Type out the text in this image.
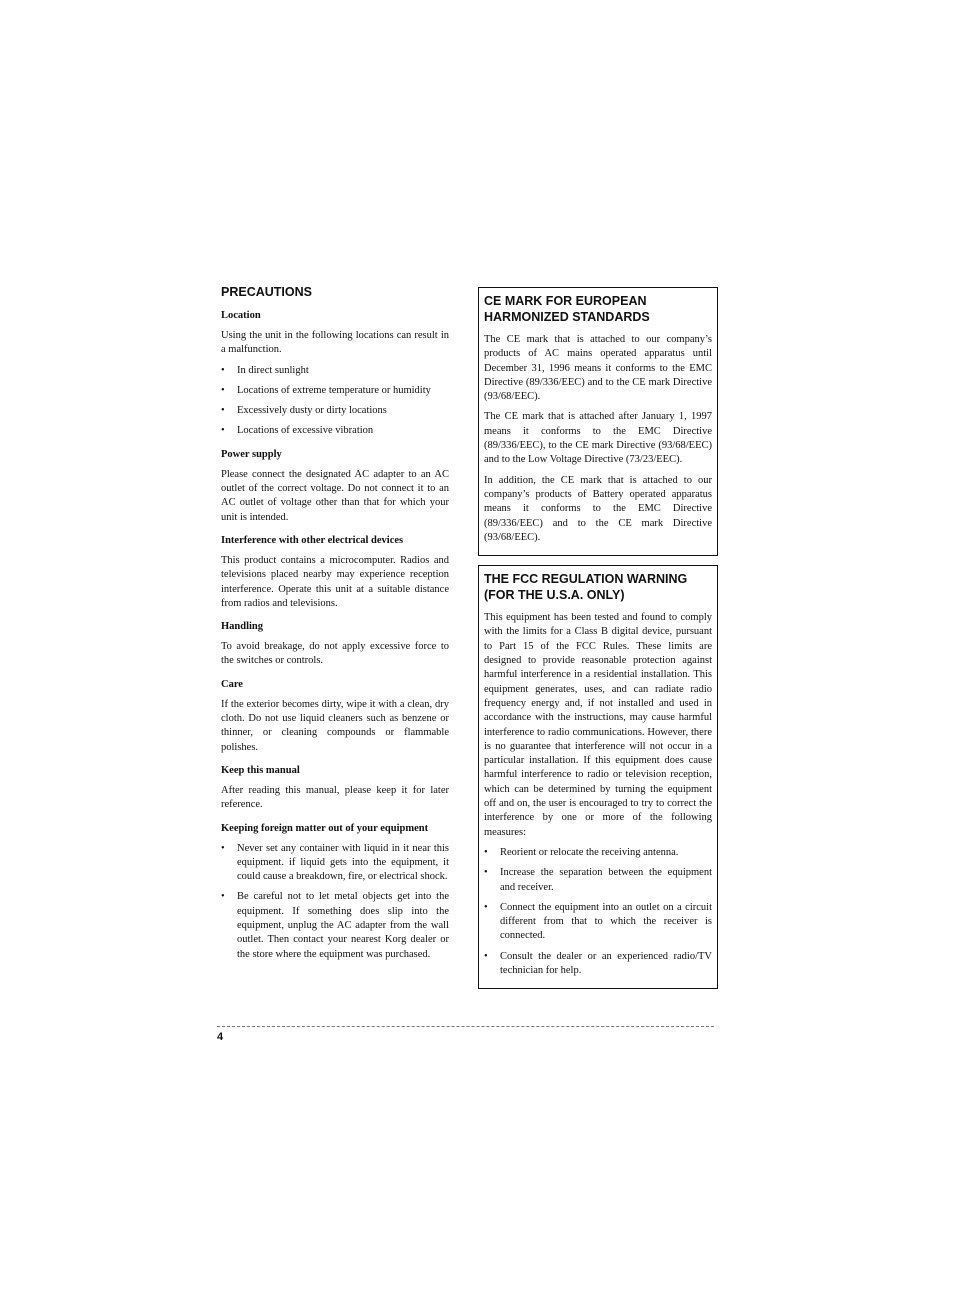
PRECAUTIONS
Location

Using the unit in the following locations can result in a malfunction.

• In direct sunlight
• Locations of extreme temperature or humidity
• Excessively dusty or dirty locations
• Locations of excessive vibration
Power supply

Please connect the designated AC adapter to an AC outlet of the correct voltage. Do not connect it to an AC outlet of voltage other than that for which your unit is intended.

Interference with other electrical devices

This product contains a microcomputer. Radios and televisions placed nearby may experience reception interference. Operate this unit at a suitable distance from radios and televisions.

Handling

To avoid breakage, do not apply excessive force to the switches or controls.

Care

If the exterior becomes dirty, wipe it with a clean, dry cloth. Do not use liquid cleaners such as benzene or thinner, or cleaning compounds or flammable polishes.

Keep this manual

After reading this manual, please keep it for later reference.

Keeping foreign matter out of your equipment
• Never set any container with liquid in it near this equipment. if liquid gets into the equipment, it could cause a breakdown, fire, or electrical shock.
• Be careful not to let metal objects get into the equipment. If something does slip into the equipment, unplug the AC adapter from the wall outlet. Then contact your nearest Korg dealer or the store where the equipment was purchased.
CE MARK FOR EUROPEAN HARMONIZED STANDARDS

The CE mark that is attached to our company’s products of AC mains operated apparatus until December 31, 1996 means it conforms to the EMC Directive (89/336/EEC) and to the CE mark Directive (93/68/EEC).

The CE mark that is attached after January 1, 1997 means it conforms to the EMC Directive (89/336/EEC), to the CE mark Directive (93/68/EEC) and to the Low Voltage Directive (73/23/EEC).

In addition, the CE mark that is attached to our company’s products of Battery operated apparatus means it conforms to the EMC Directive (89/336/EEC) and to the CE mark Directive (93/68/EEC).

THE FCC REGULATION WARNING (FOR THE U.S.A. ONLY)

This equipment has been tested and found to comply with the limits for a Class B digital device, pursuant to Part 15 of the FCC Rules. These limits are designed to provide reasonable protection against harmful interference in a residential installation. This equipment generates, uses, and can radiate radio frequency energy and, if not installed and used in accordance with the instructions, may cause harmful interference to radio communications. However, there is no guarantee that interference will not occur in a particular installation. If this equipment does cause harmful interference to radio or television reception, which can be determined by turning the equipment off and on, the user is encouraged to try to correct the interference by one or more of the following measures:

• Reorient or relocate the receiving antenna.
• Increase the separation between the equipment and receiver.
• Connect the equipment into an outlet on a circuit different from that to which the receiver is connected.
• Consult the dealer or an experienced radio/TV technician for help.
4
